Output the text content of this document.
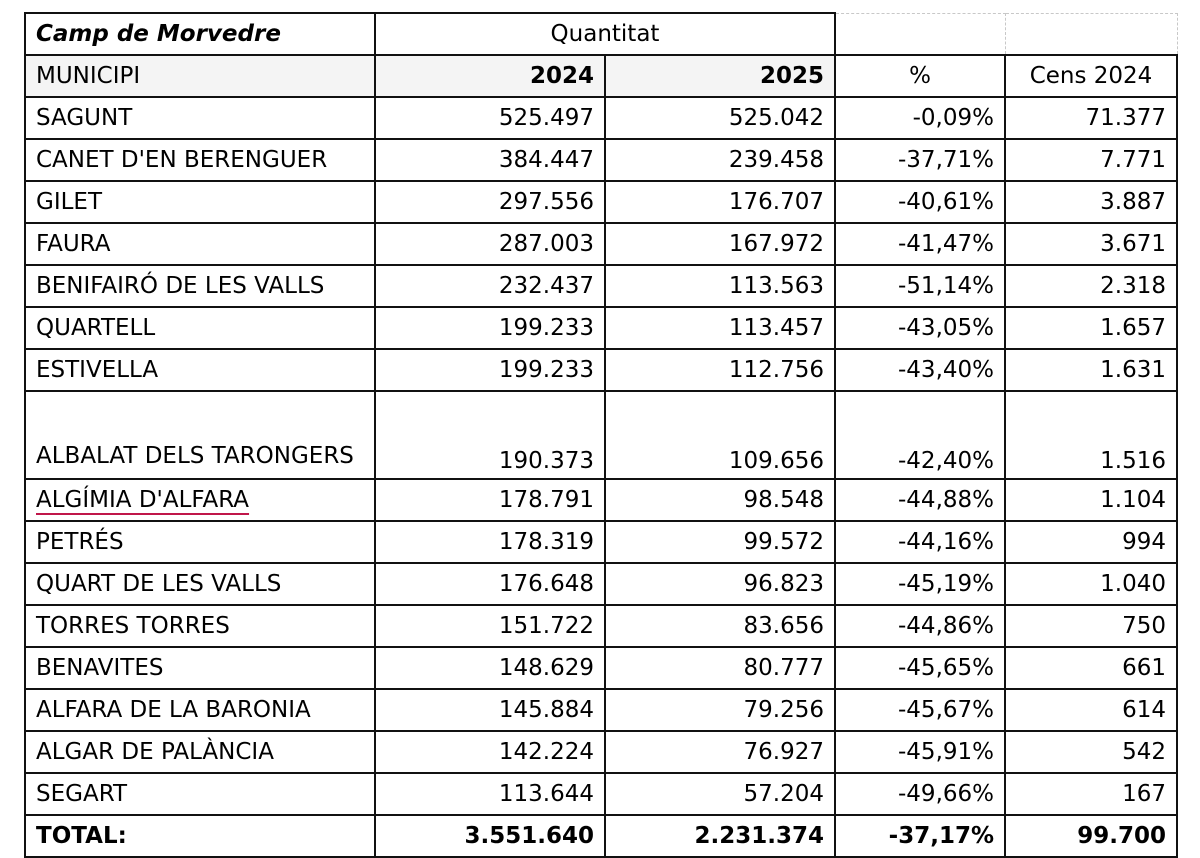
Camp de Morvedre	Quantitat			
MUNICIPI	2024	2025	%	Cens 2024
SAGUNT	525.497	525.042	-0,09%	71.377
CANET D'EN BERENGUER	384.447	239.458	-37,71%	7.771
GILET	297.556	176.707	-40,61%	3.887
FAURA	287.003	167.972	-41,47%	3.671
BENIFAIRÓ DE LES VALLS	232.437	113.563	-51,14%	2.318
QUARTELL	199.233	113.457	-43,05%	1.657
ESTIVELLA	199.233	112.756	-43,40%	1.631
ALBALAT DELS TARONGERS	190.373	109.656	-42,40%	1.516
ALGÍMIA D'ALFARA	178.791	98.548	-44,88%	1.104
PETRÉS	178.319	99.572	-44,16%	994
QUART DE LES VALLS	176.648	96.823	-45,19%	1.040
TORRES TORRES	151.722	83.656	-44,86%	750
BENAVITES	148.629	80.777	-45,65%	661
ALFARA DE LA BARONIA	145.884	79.256	-45,67%	614
ALGAR DE PALÀNCIA	142.224	76.927	-45,91%	542
SEGART	113.644	57.204	-49,66%	167
TOTAL:	3.551.640	2.231.374	-37,17%	99.700
